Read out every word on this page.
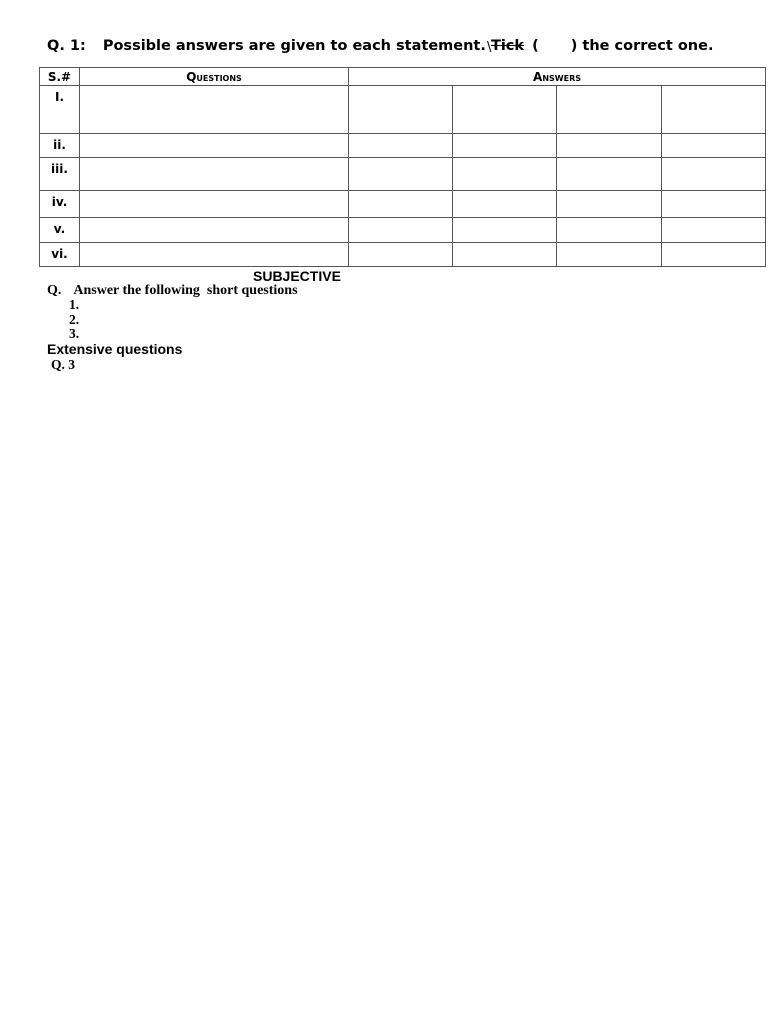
Q. 1: Possible answers are given to each statement. \ Tick ( ) the correct one.
S.#	Questions	Answers			
I.					
ii.					
iii.					
iv.					
v.					
vi.					
SUBJECTIVE
Q. Answer the following  short questions
1.
2.
3.
Extensive questions
Q. 3
